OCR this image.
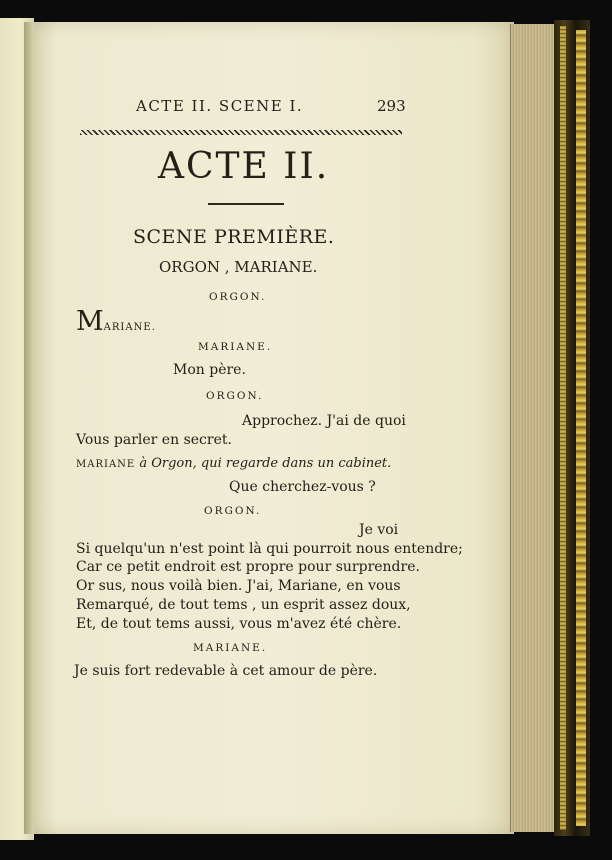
ACTE II. SCENE I.	293
ACTE II.
SCENE PREMIÈRE.
ORGON , MARIANE.
ORGON.
MARIANE.
MARIANE.
Mon père.
ORGON.
Approchez. J'ai de quoi
Vous parler en secret.
MARIANE à Orgon, qui regarde dans un cabinet.
Que cherchez-vous ?
ORGON.
Je voi
Si quelqu'un n'est point là qui pourroit nous entendre;
Car ce petit endroit est propre pour surprendre.
Or sus, nous voilà bien. J'ai, Mariane, en vous
Remarqué, de tout tems , un esprit assez doux,
Et, de tout tems aussi, vous m'avez été chère.
MARIANE.
Je suis fort redevable à cet amour de père.
